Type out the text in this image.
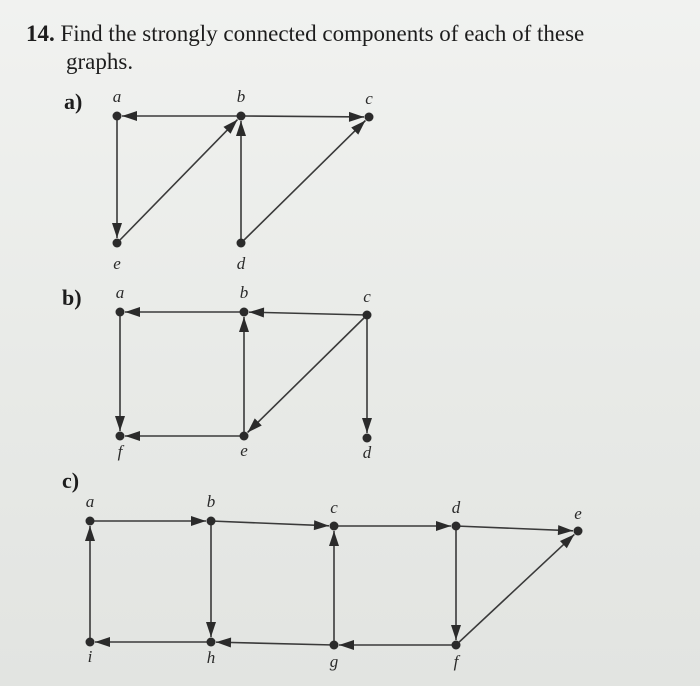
14. Find the strongly connected components of each of these
graphs.
a)
b)
c)
a	b	c
e	d
a	b	c
f	e	d
a	b	c	d	e
i	h	g	f
